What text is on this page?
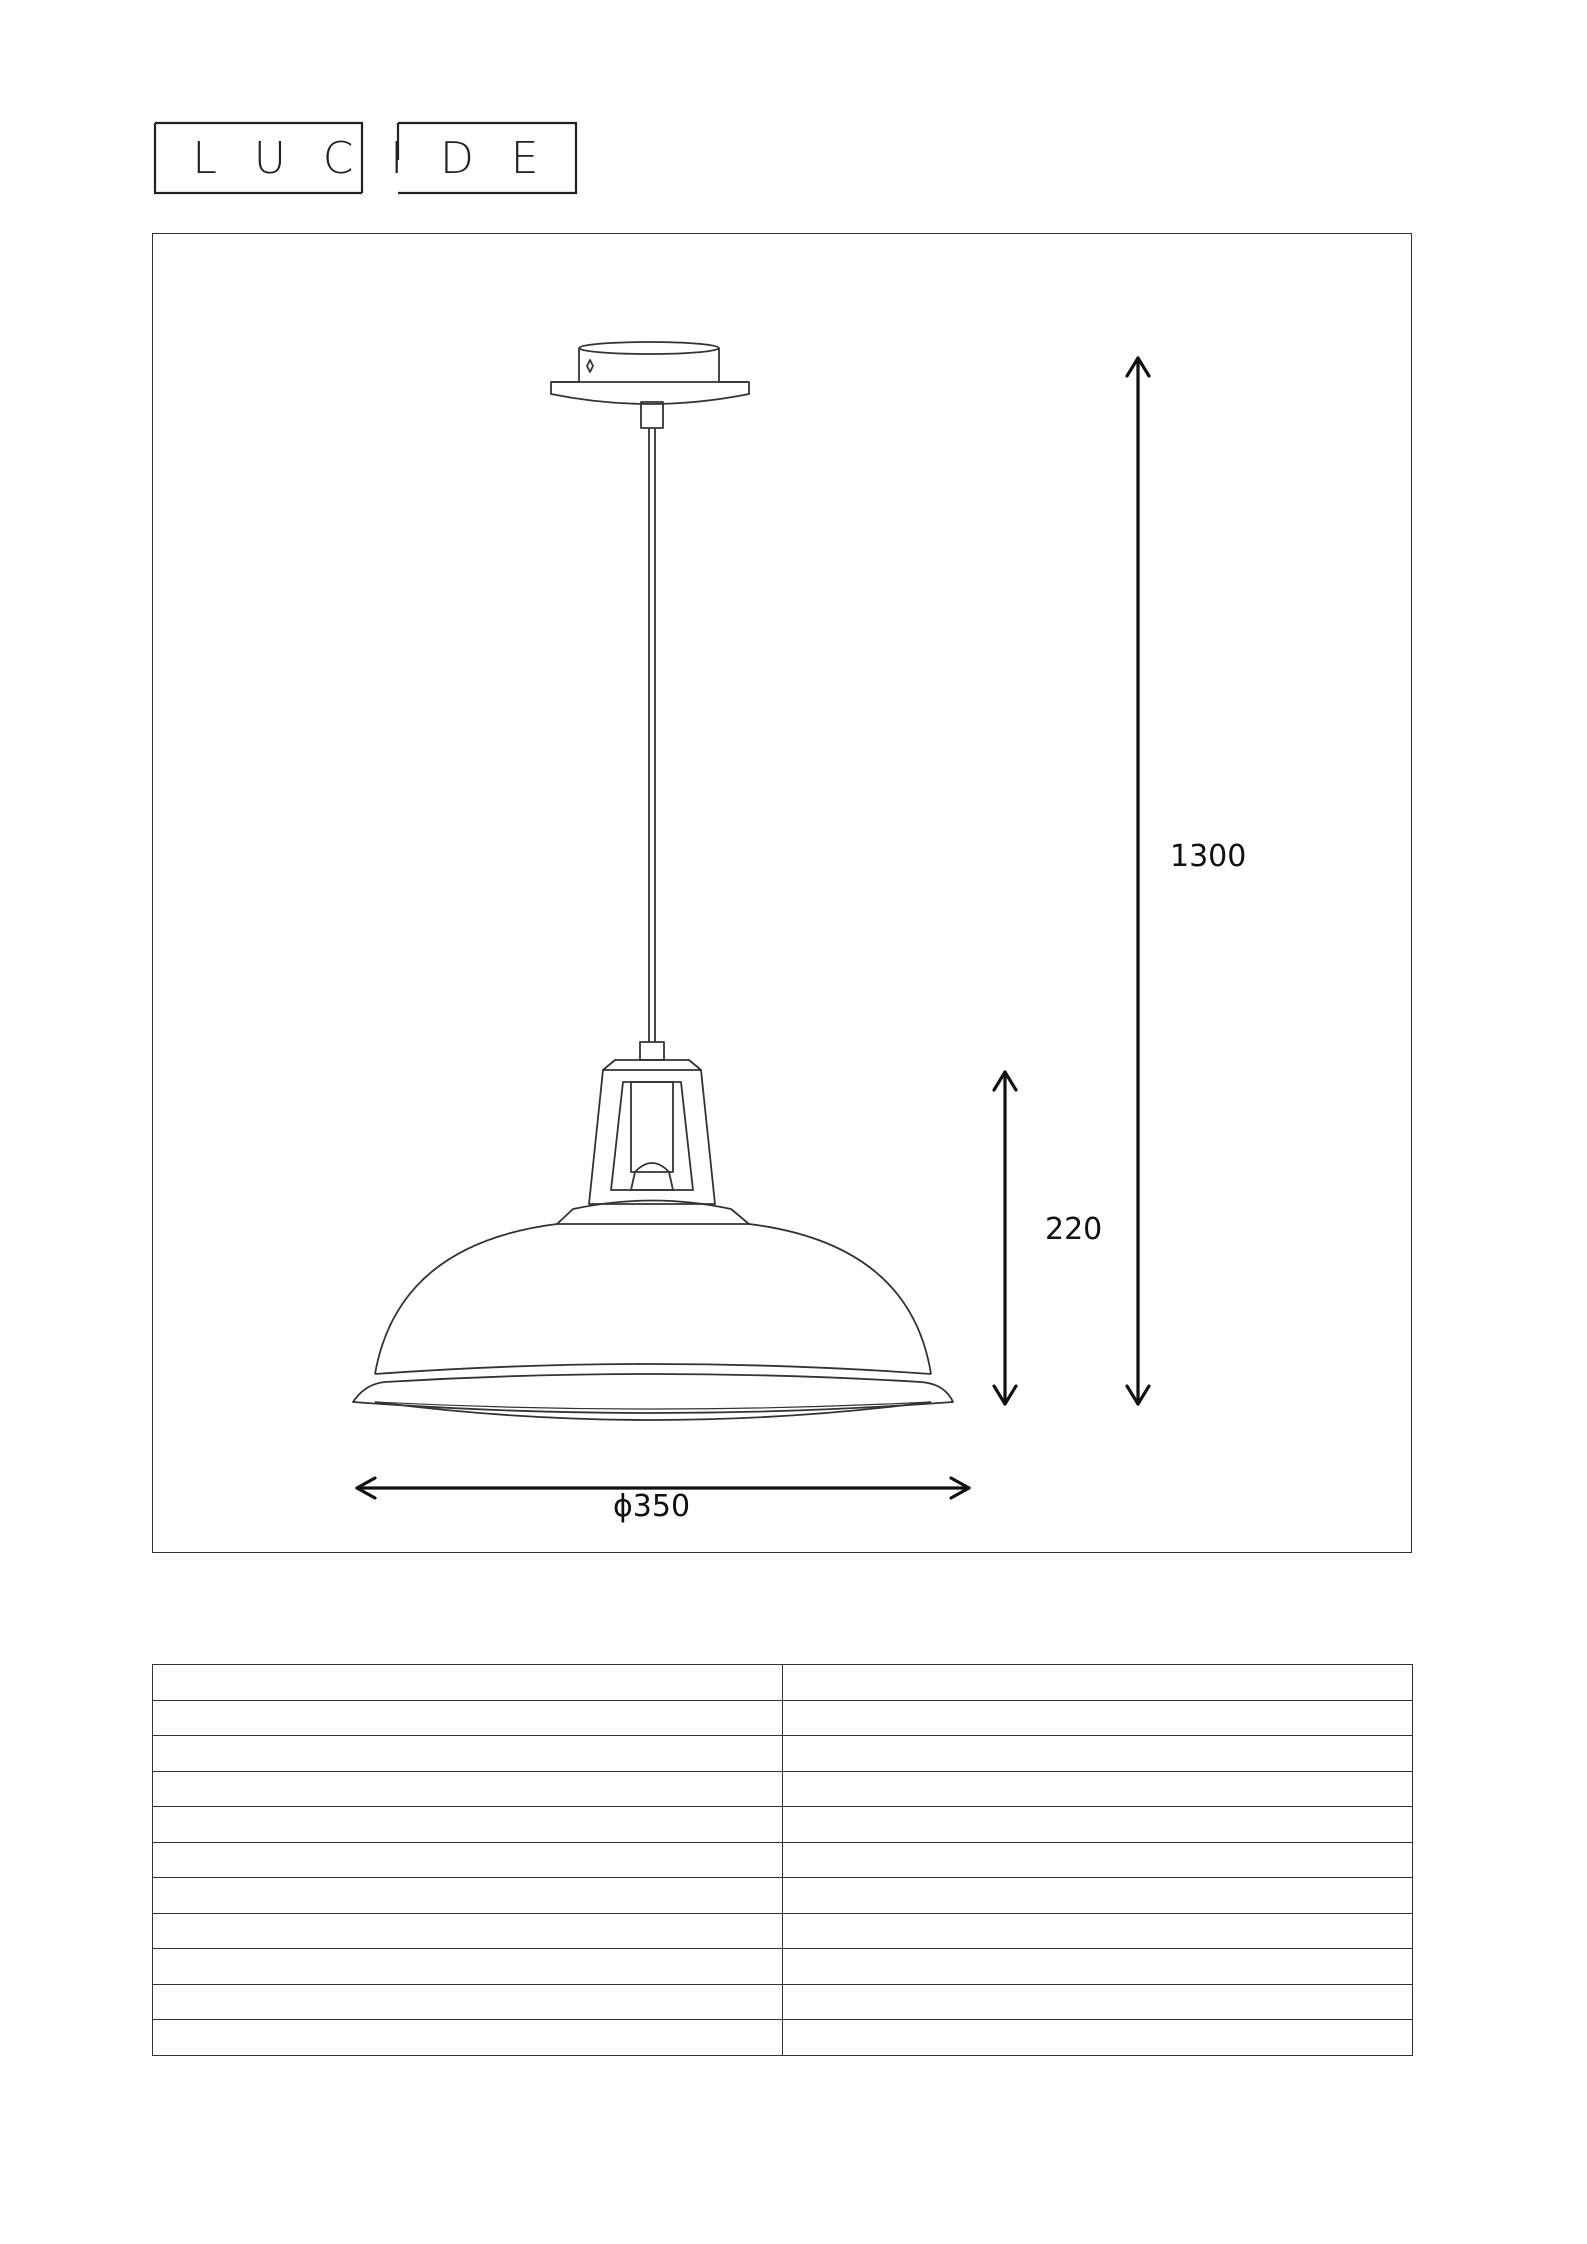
L U C I D E
1300
220
ϕ350
